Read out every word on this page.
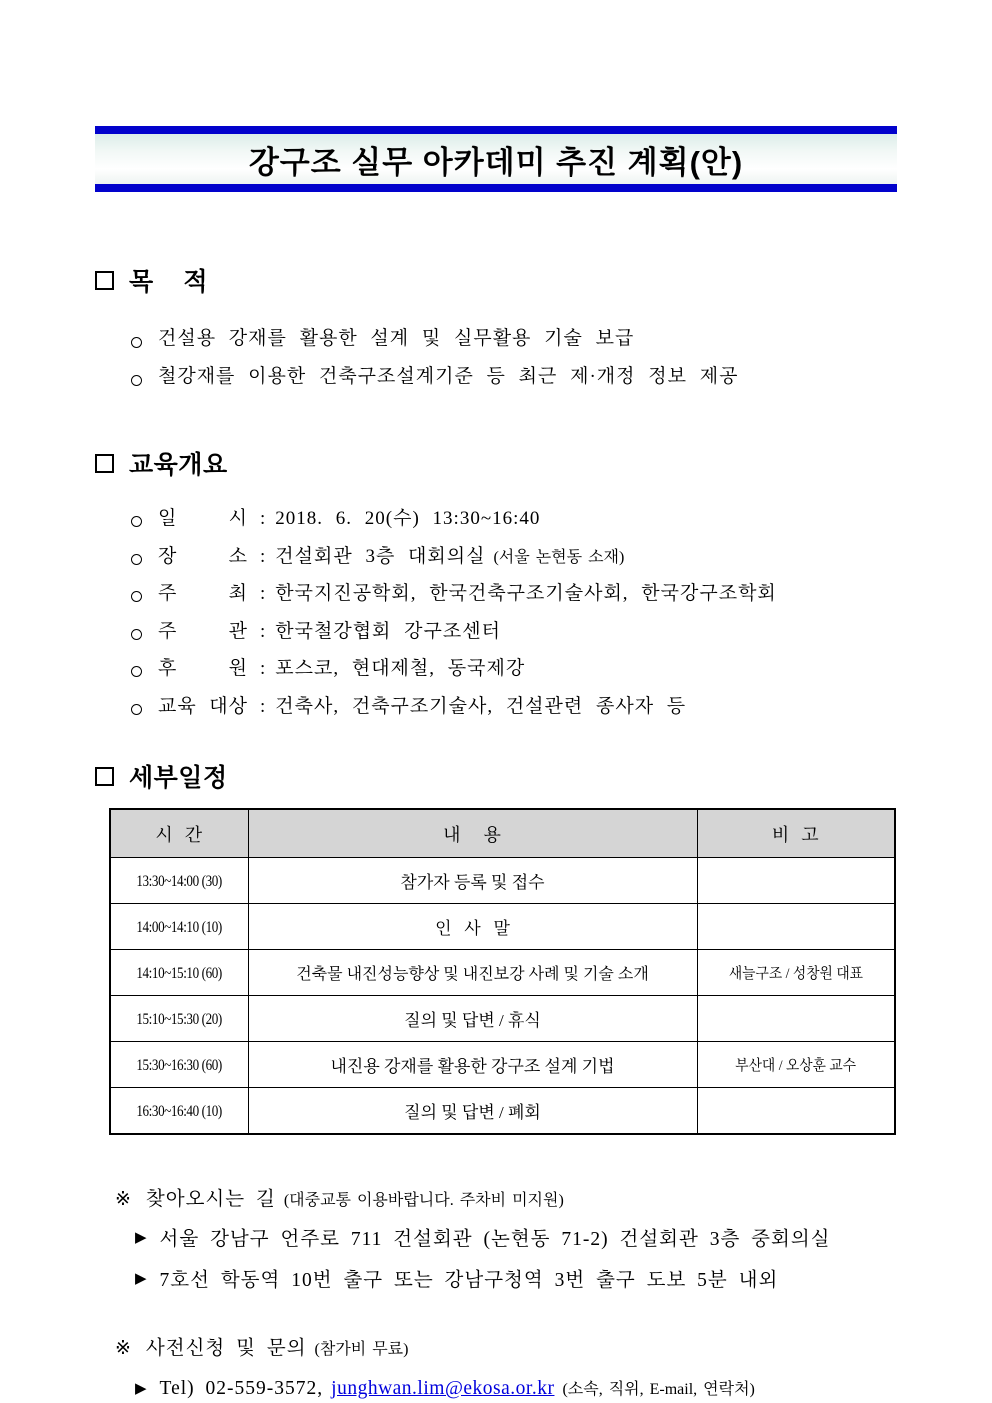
강구조 실무 아카데미 추진 계획(안)
목    적
건설용 강재를 활용한 설계 및 실무활용 기술 보급
철강재를 이용한 건축구조설계기준 등 최근 제·개정 정보 제공
교육개요
일	시 : 2018. 6. 20(수) 13:30~16:40
장	소 : 건설회관 3층 대회의실 (서울 논현동 소재)
주	최 : 한국지진공학회, 한국건축구조기술사회, 한국강구조학회
주	관 : 한국철강협회 강구조센터
후	원 : 포스코, 현대제철, 동국제강
교육 대상 : 건축사, 건축구조기술사, 건설관련 종사자 등
세부일정
시  간	내    용	비  고
13:30~14:00 (30)	참가자 등록 및 접수	
14:00~14:10 (10)	인   사   말	
14:10~15:10 (60)	건축물 내진성능향상 및 내진보강 사례 및 기술 소개	새늘구조 / 성창원 대표
15:10~15:30 (20)	질의 및 답변 / 휴식	
15:30~16:30 (60)	내진용 강재를 활용한 강구조 설계 기법	부산대 / 오상훈 교수
16:30~16:40 (10)	질의 및 답변 / 폐회	
※ 찾아오시는 길 (대중교통 이용바랍니다. 주차비 미지원)
▶ 서울 강남구 언주로 711 건설회관 (논현동 71-2) 건설회관 3층 중회의실
▶ 7호선 학동역 10번 출구 또는 강남구청역 3번 출구 도보 5분 내외
※ 사전신청 및 문의 (참가비 무료)
▶ Tel) 02-559-3572, junghwan.lim@ekosa.or.kr (소속, 직위, E-mail, 연락처)
